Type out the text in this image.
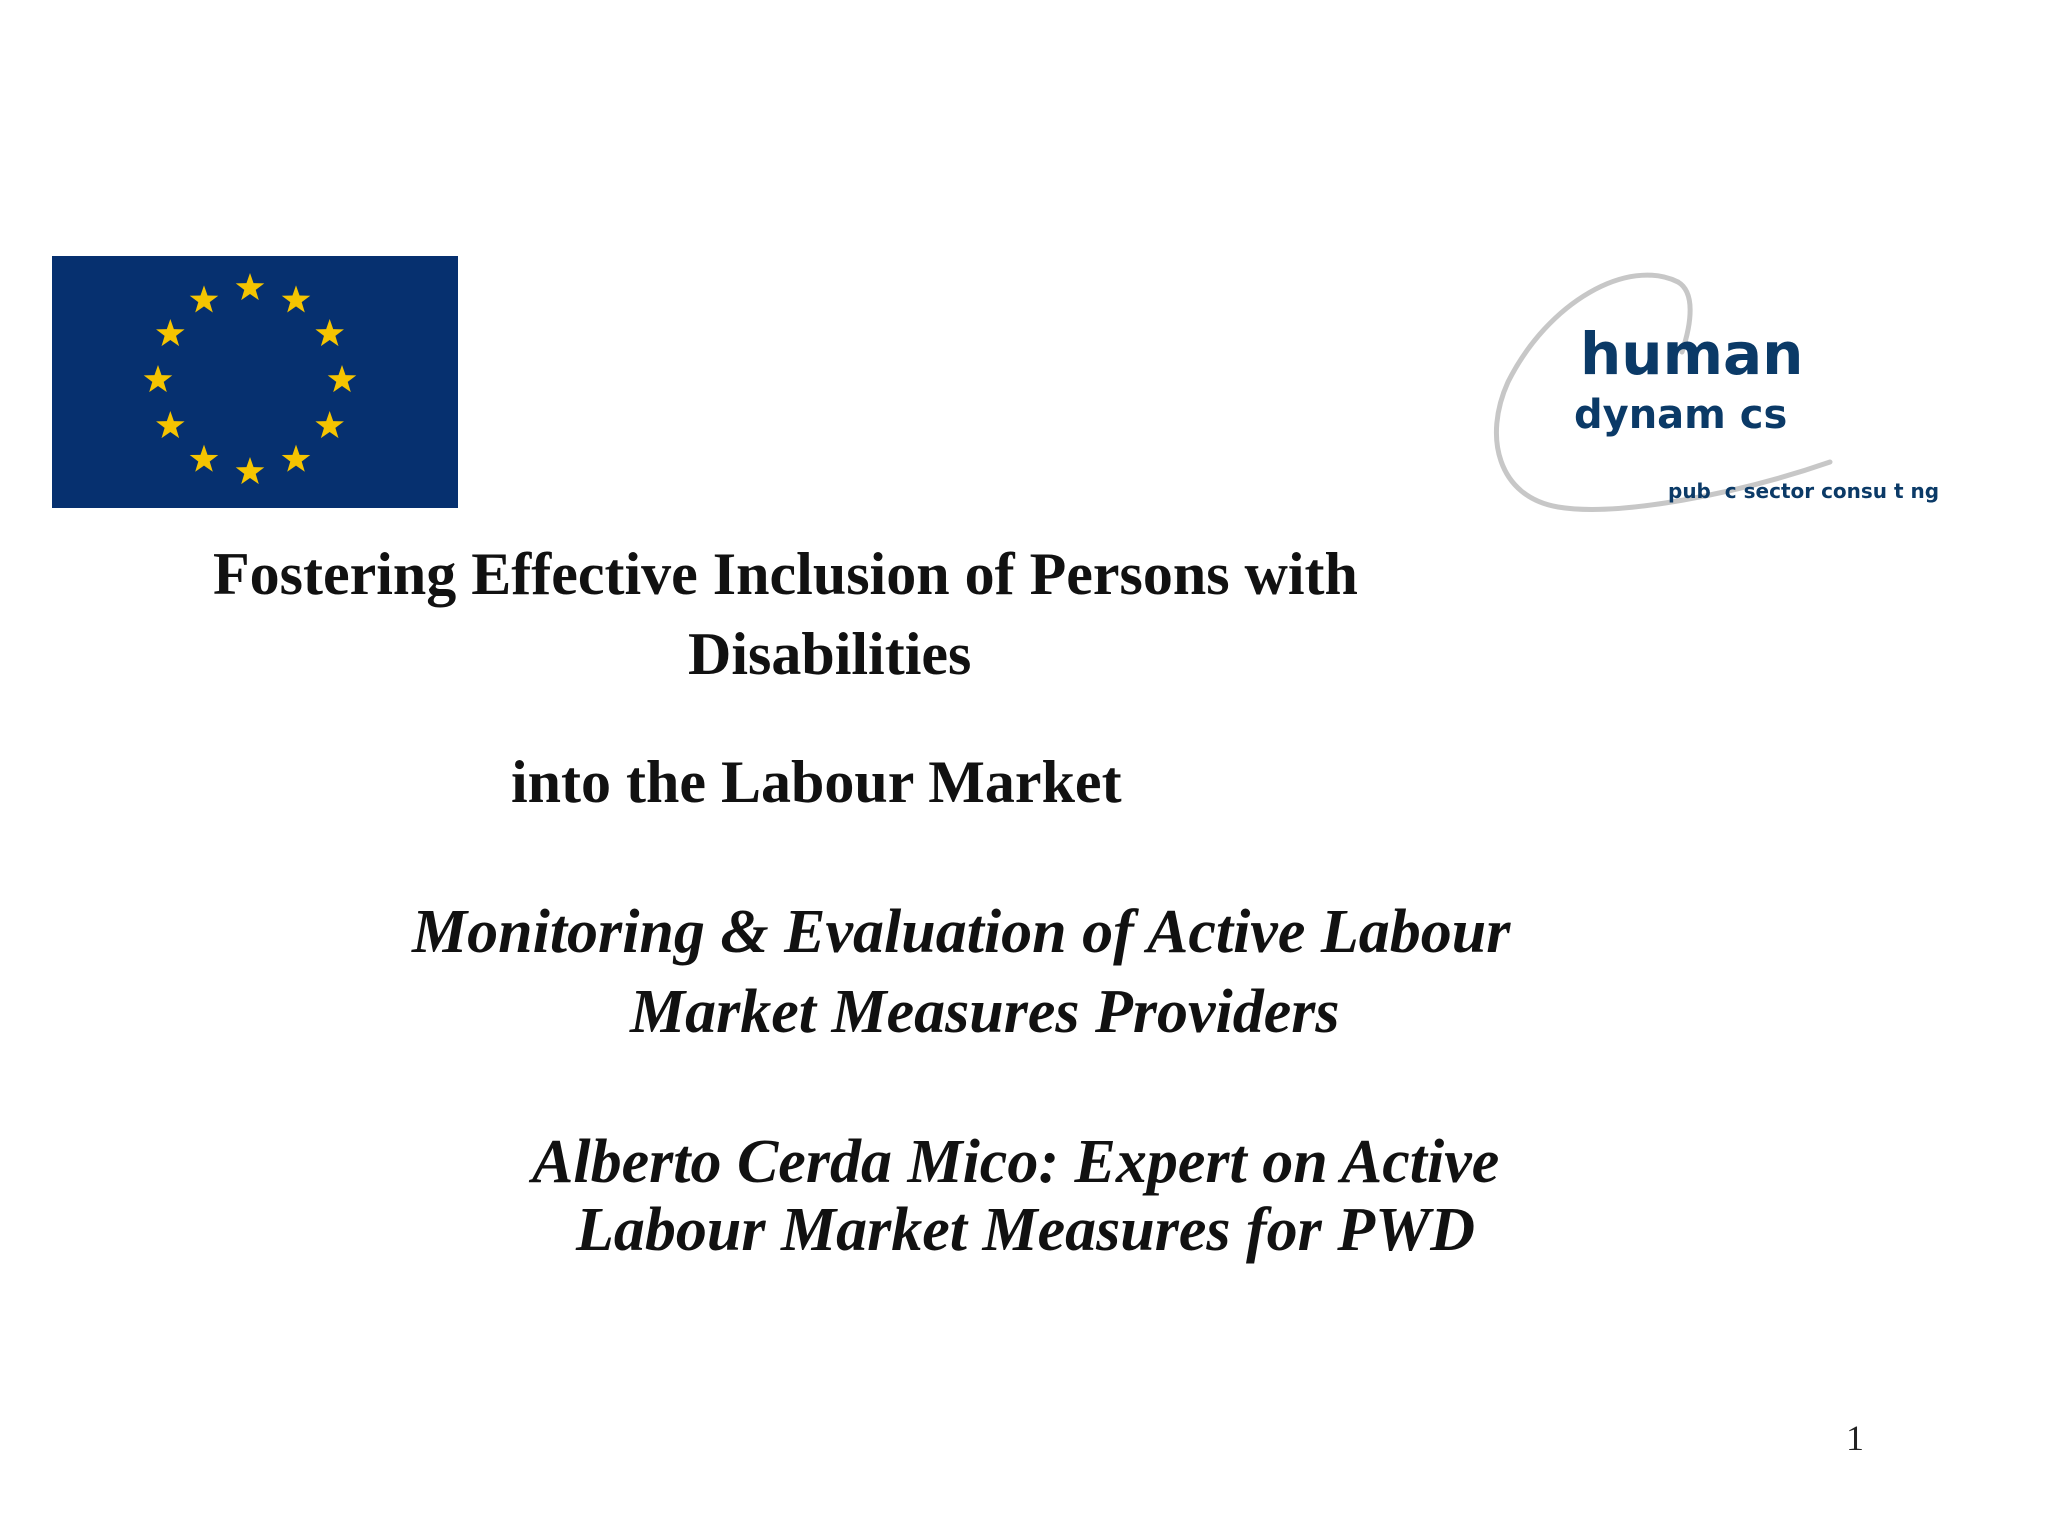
human
dynam cs
pub  c sector consu t ng

Fostering Effective Inclusion of Persons with

Disabilities

into the Labour Market

Monitoring & Evaluation of Active Labour

Market Measures Providers

Alberto Cerda Mico: Expert on Active

Labour Market Measures for PWD

1
